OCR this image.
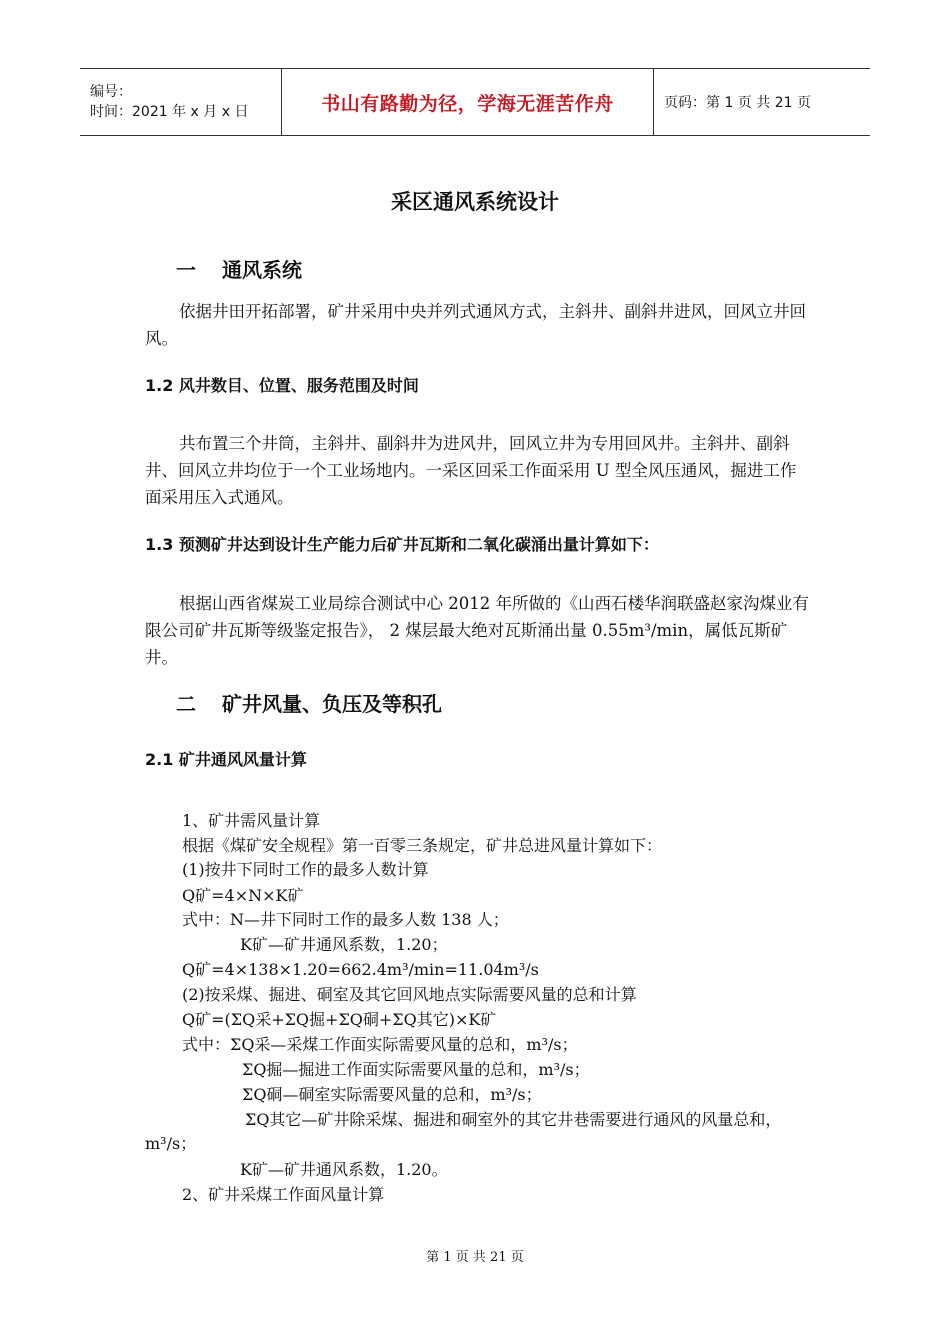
编号：
时间：2021 年 x 月 x 日	书山有路勤为径，学海无涯苦作舟	页码：第 1 页 共 21 页
采区通风系统设计
一 通风系统
依据井田开拓部署，矿井采用中央并列式通风方式，主斜井、副斜井进风，回风立井回风。
1.2 风井数目、位置、服务范围及时间
共布置三个井筒，主斜井、副斜井为进风井，回风立井为专用回风井。主斜井、副斜井、回风立井均位于一个工业场地内。一采区回采工作面采用 U 型全风压通风，掘进工作面采用压入式通风。
1.3 预测矿井达到设计生产能力后矿井瓦斯和二氧化碳涌出量计算如下：
根据山西省煤炭工业局综合测试中心 2012 年所做的《山西石楼华润联盛赵家沟煤业有限公司矿井瓦斯等级鉴定报告》， 2 煤层最大绝对瓦斯涌出量 0.55m³/min，属低瓦斯矿井。
二 矿井风量、负压及等积孔
2.1 矿井通风风量计算
1、矿井需风量计算
根据《煤矿安全规程》第一百零三条规定，矿井总进风量计算如下：
(1)按井下同时工作的最多人数计算
Q矿=4×N×K矿
式中：N—井下同时工作的最多人数 138 人；
K矿—矿井通风系数，1.20；
Q矿=4×138×1.20=662.4m³/min=11.04m³/s
(2)按采煤、掘进、硐室及其它回风地点实际需要风量的总和计算
Q矿=(ΣQ采+ΣQ掘+ΣQ硐+ΣQ其它)×K矿
式中：ΣQ采—采煤工作面实际需要风量的总和，m³/s；
ΣQ掘—掘进工作面实际需要风量的总和，m³/s；
ΣQ硐—硐室实际需要风量的总和，m³/s；
ΣQ其它—矿井除采煤、掘进和硐室外的其它井巷需要进行通风的风量总和，m³/s；
K矿—矿井通风系数，1.20。
2、矿井采煤工作面风量计算
第 1 页 共 21 页
